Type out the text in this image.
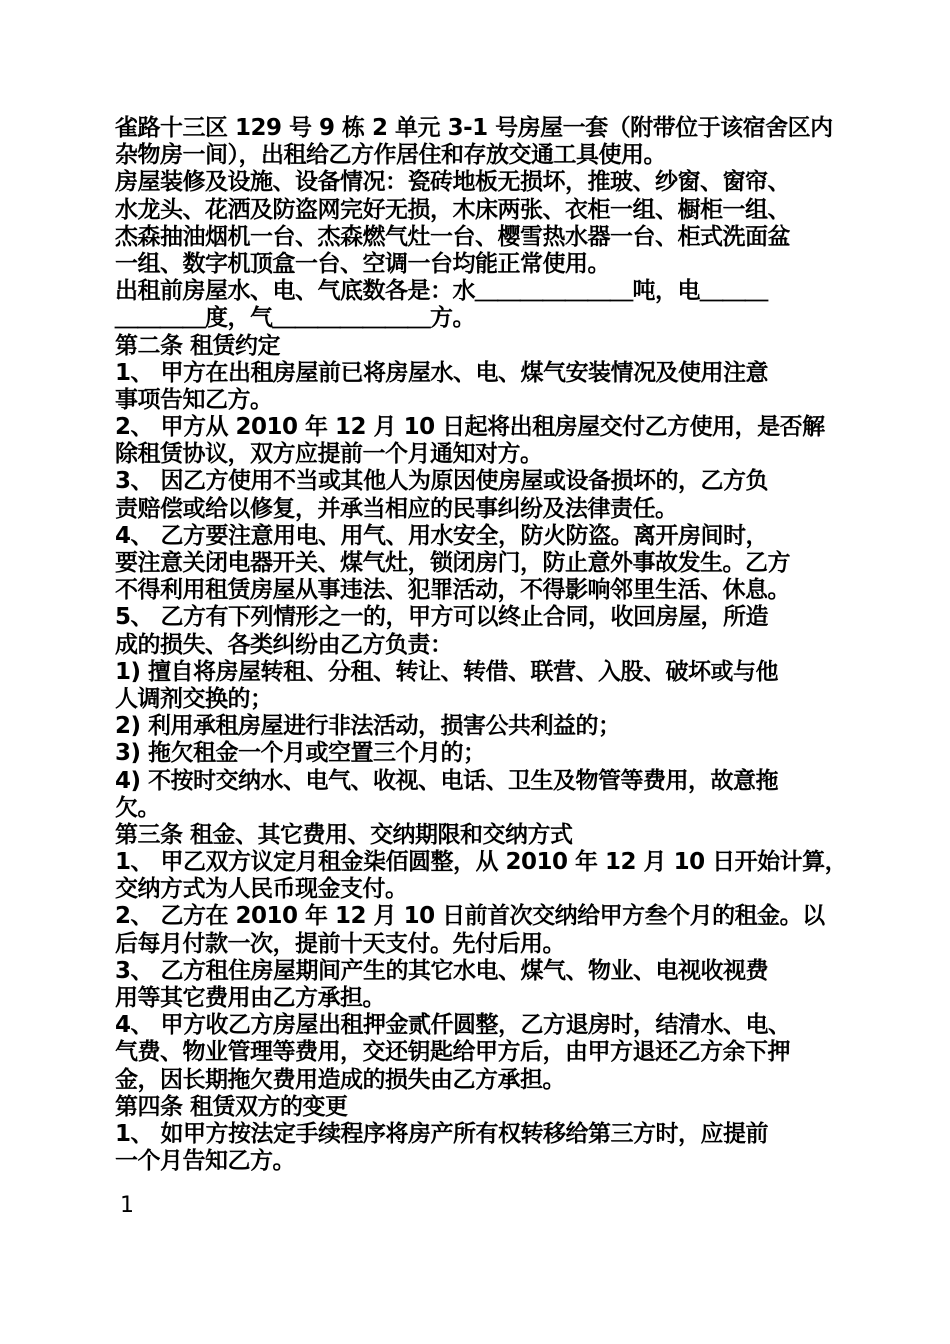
雀路十三区 129 号 9 栋 2 单元 3-1 号房屋一套（附带位于该宿舍区内
杂物房一间），出租给乙方作居住和存放交通工具使用。
房屋装修及设施、设备情况：瓷砖地板无损坏，推玻、纱窗、窗帘、
水龙头、花洒及防盗网完好无损，木床两张、衣柜一组、橱柜一组、
杰森抽油烟机一台、杰森燃气灶一台、樱雪热水器一台、柜式洗面盆
一组、数字机顶盒一台、空调一台均能正常使用。
出租前房屋水、电、气底数各是：水＿＿＿＿＿＿＿吨，电＿＿＿
＿＿＿＿度，气＿＿＿＿＿＿＿方。
第二条 租赁约定
1、 甲方在出租房屋前已将房屋水、电、煤气安装情况及使用注意
事项告知乙方。
2、 甲方从 2010 年 12 月 10 日起将出租房屋交付乙方使用，是否解
除租赁协议，双方应提前一个月通知对方。
3、 因乙方使用不当或其他人为原因使房屋或设备损坏的，乙方负
责赔偿或给以修复，并承当相应的民事纠纷及法律责任。
4、 乙方要注意用电、用气、用水安全，防火防盗。离开房间时，
要注意关闭电器开关、煤气灶，锁闭房门，防止意外事故发生。乙方
不得利用租赁房屋从事违法、犯罪活动，不得影响邻里生活、休息。
5、 乙方有下列情形之一的，甲方可以终止合同，收回房屋，所造
成的损失、各类纠纷由乙方负责：
1) 擅自将房屋转租、分租、转让、转借、联营、入股、破坏或与他
人调剂交换的；
2) 利用承租房屋进行非法活动，损害公共利益的；
3) 拖欠租金一个月或空置三个月的；
4) 不按时交纳水、电气、收视、电话、卫生及物管等费用，故意拖
欠。
第三条 租金、其它费用、交纳期限和交纳方式
1、 甲乙双方议定月租金柒佰圆整，从 2010 年 12 月 10 日开始计算，
交纳方式为人民币现金支付。
2、 乙方在 2010 年 12 月 10 日前首次交纳给甲方叁个月的租金。以
后每月付款一次，提前十天支付。先付后用。
3、 乙方租住房屋期间产生的其它水电、煤气、物业、电视收视费
用等其它费用由乙方承担。
4、 甲方收乙方房屋出租押金贰仟圆整，乙方退房时，结清水、电、
气费、物业管理等费用，交还钥匙给甲方后，由甲方退还乙方余下押
金，因长期拖欠费用造成的损失由乙方承担。
第四条 租赁双方的变更
1、 如甲方按法定手续程序将房产所有权转移给第三方时，应提前
一个月告知乙方。
1
